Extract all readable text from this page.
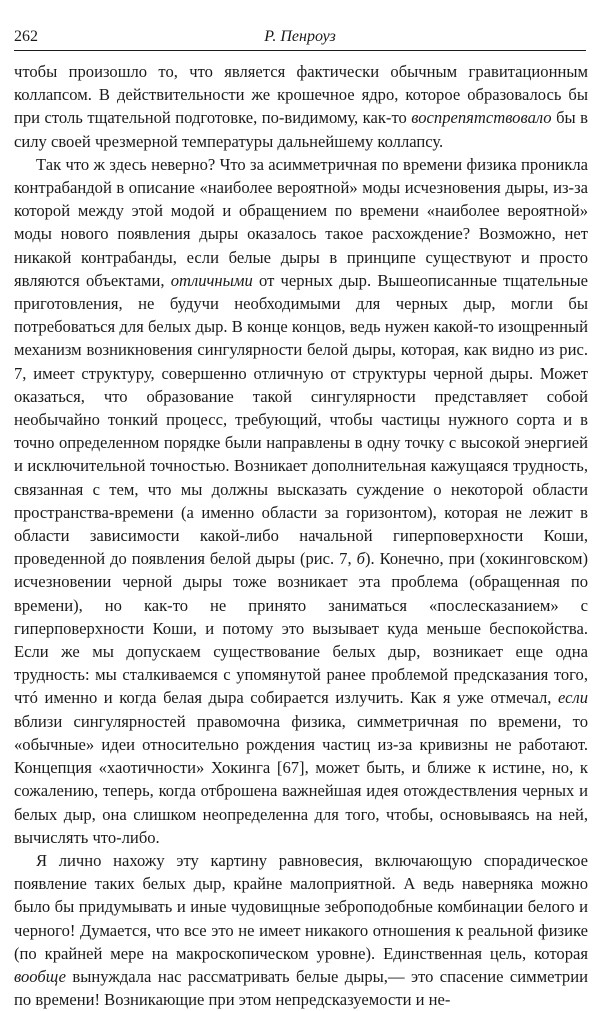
262	Р. Пенроуз

чтобы произошло то, что является фактически обычным гравитационным коллапсом. В действительности же крошечное ядро, которое образовалось бы при столь тщательной подготовке, по-видимому, как-то воспрепятствовало бы в силу своей чрезмерной температуры дальнейшему коллапсу.

Так что ж здесь неверно? Что за асимметричная по времени физика проникла контрабандой в описание «наиболее вероятной» моды исчезновения дыры, из-за которой между этой модой и обращением по времени «наиболее вероятной» моды нового появления дыры оказалось такое расхождение? Возможно, нет никакой контрабанды, если белые дыры в принципе существуют и просто являются объектами, отличными от черных дыр. Вышеописанные тщательные приготовления, не будучи необходимыми для черных дыр, могли бы потребоваться для белых дыр. В конце концов, ведь нужен какой-то изощренный механизм возникновения сингулярности белой дыры, которая, как видно из рис. 7, имеет структуру, совершенно отличную от структуры черной дыры. Может оказаться, что образование такой сингулярности представляет собой необычайно тонкий процесс, требующий, чтобы частицы нужного сорта и в точно определенном порядке были направлены в одну точку с высокой энергией и исключительной точностью. Возникает дополнительная кажущаяся трудность, связанная с тем, что мы должны высказать суждение о некоторой области пространства-времени (а именно области за горизонтом), которая не лежит в области зависимости какой-либо начальной гиперповерхности Коши, проведенной до появления белой дыры (рис. 7, б). Конечно, при (хокинговском) исчезновении черной дыры тоже возникает эта проблема (обращенная по времени), но как-то не принято заниматься «послесказанием» с гиперповерхности Коши, и потому это вызывает куда меньше беспокойства. Если же мы допускаем существование белых дыр, возникает еще одна трудность: мы сталкиваемся с упомянутой ранее проблемой предсказания того, чтó именно и когда белая дыра собирается излучить. Как я уже отмечал, если вблизи сингулярностей правомочна физика, симметричная по времени, то «обычные» идеи относительно рождения частиц из-за кривизны не работают. Концепция «хаотичности» Хокинга [67], может быть, и ближе к истине, но, к сожалению, теперь, когда отброшена важнейшая идея отождествления черных и белых дыр, она слишком неопределенна для того, чтобы, основываясь на ней, вычислять что-либо.

Я лично нахожу эту картину равновесия, включающую спорадическое появление таких белых дыр, крайне малоприятной. А ведь наверняка можно было бы придумывать и иные чудовищные зеброподобные комбинации белого и черного! Думается, что все это не имеет никакого отношения к реальной физике (по крайней мере на макроскопическом уровне). Единственная цель, которая вообще вынуждала нас рассматривать белые дыры,— это спасение симметрии по времени! Возникающие при этом непредсказуемости и не-
